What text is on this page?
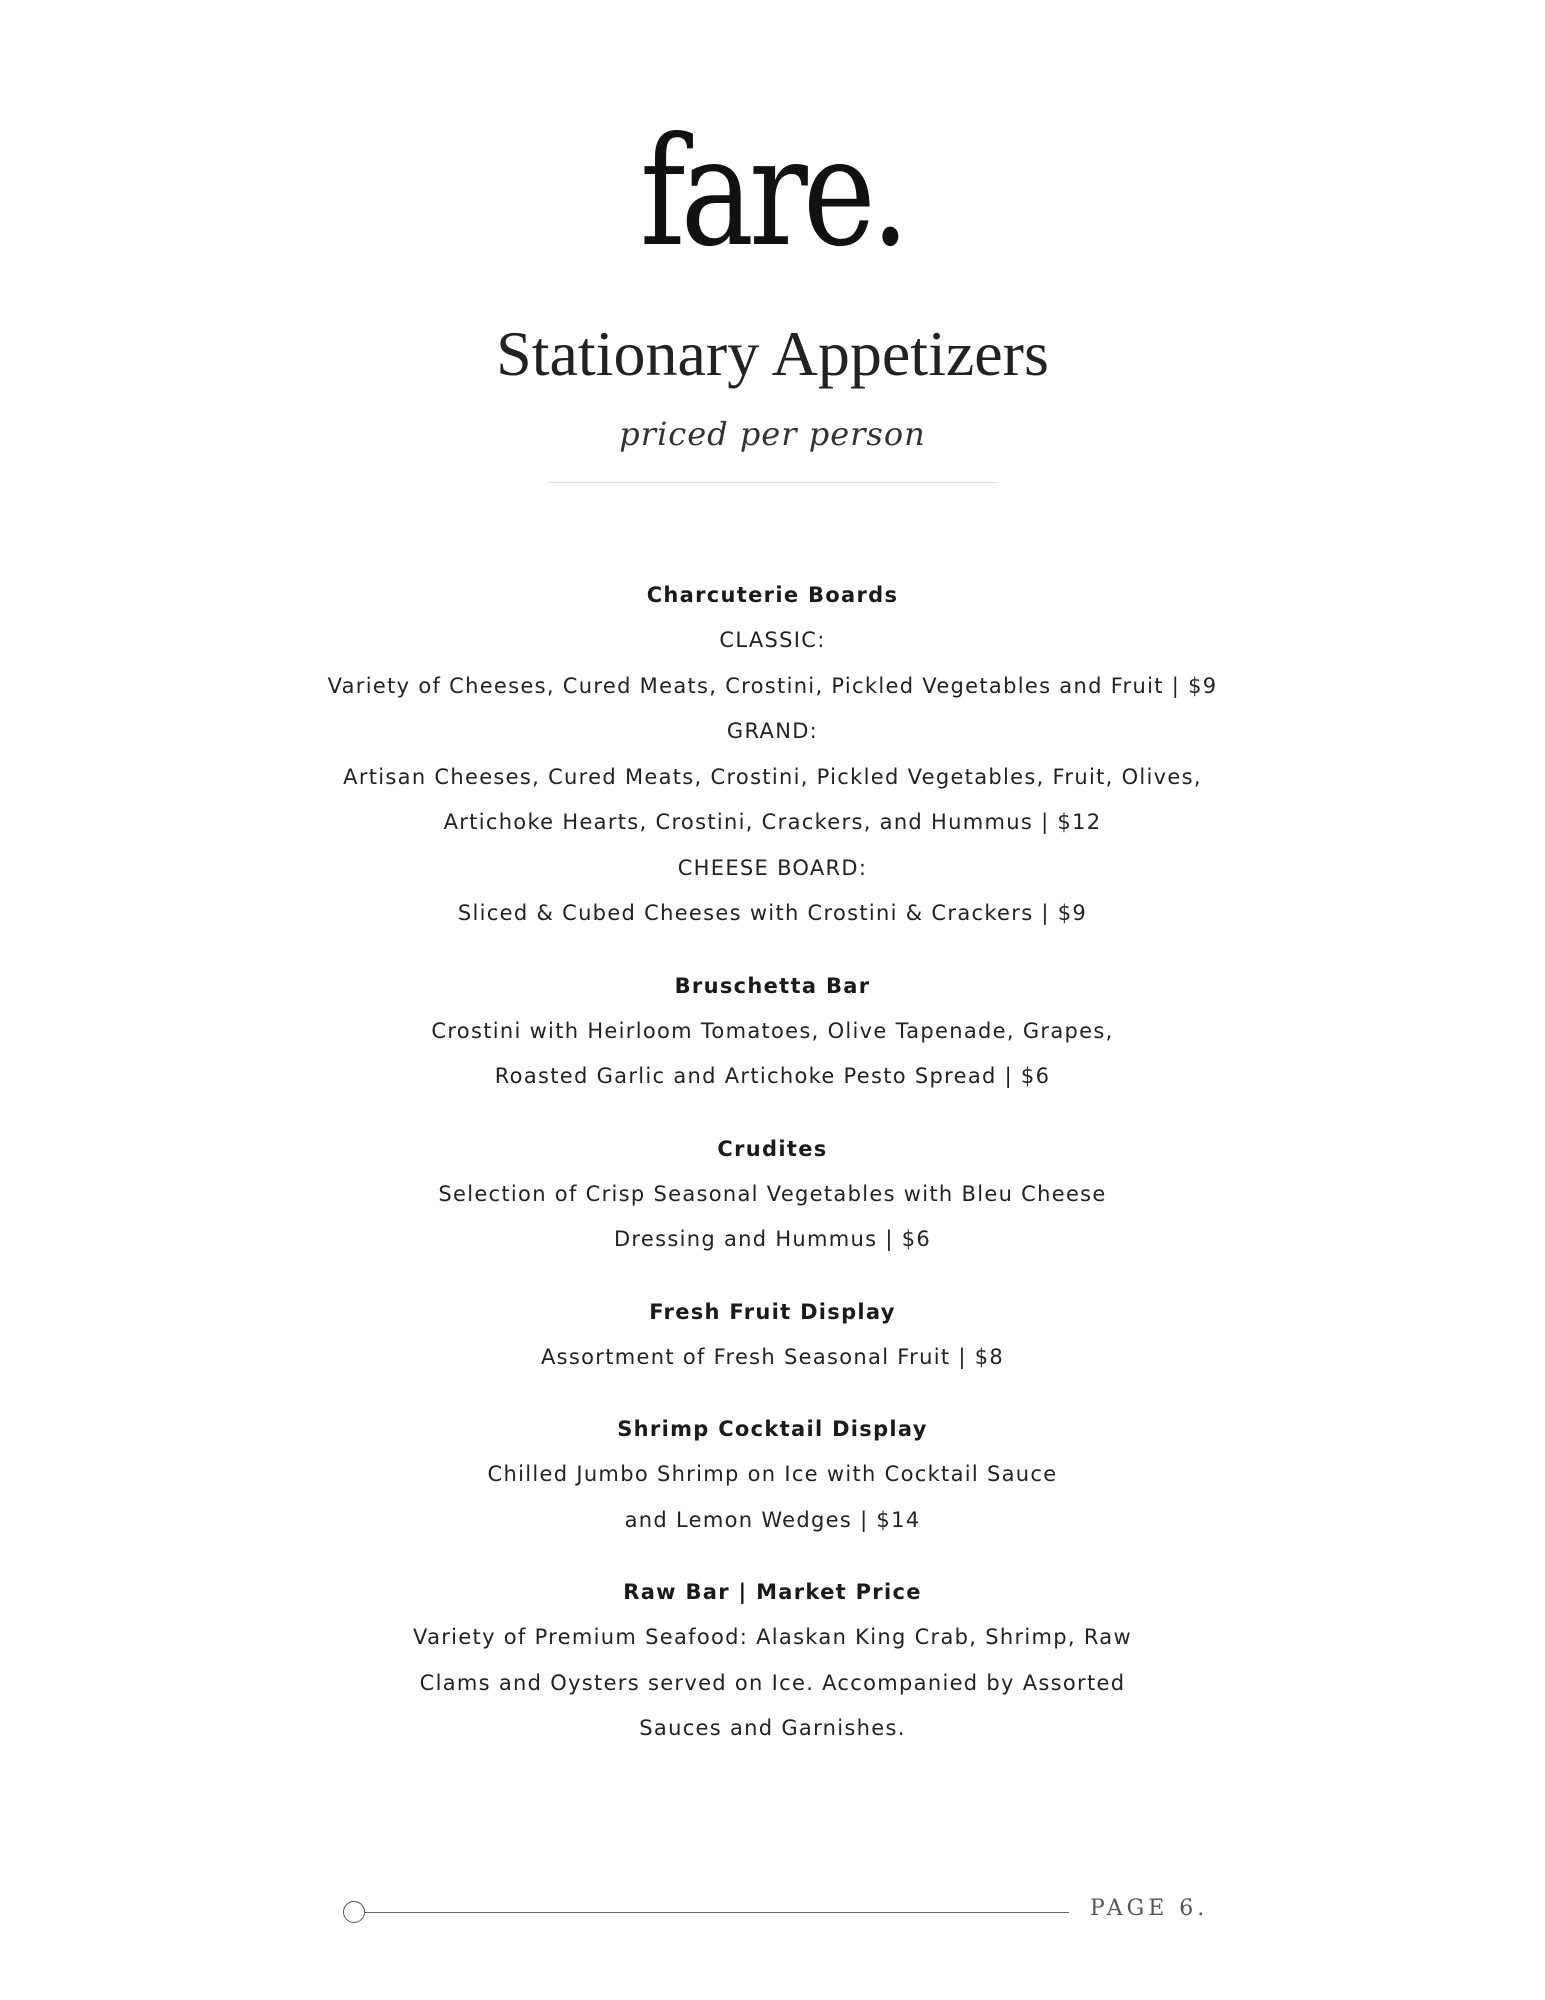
fare.
Stationary Appetizers
priced per person
Charcuterie Boards
CLASSIC:
Variety of Cheeses, Cured Meats, Crostini, Pickled Vegetables and Fruit | $9
GRAND:
Artisan Cheeses, Cured Meats, Crostini, Pickled Vegetables, Fruit, Olives,
Artichoke Hearts, Crostini, Crackers, and Hummus | $12
CHEESE BOARD:
Sliced & Cubed Cheeses with Crostini & Crackers | $9
Bruschetta Bar
Crostini with Heirloom Tomatoes, Olive Tapenade, Grapes,
Roasted Garlic and Artichoke Pesto Spread | $6
Crudites
Selection of Crisp Seasonal Vegetables with Bleu Cheese
Dressing and Hummus | $6
Fresh Fruit Display
Assortment of Fresh Seasonal Fruit | $8
Shrimp Cocktail Display
Chilled Jumbo Shrimp on Ice with Cocktail Sauce
and Lemon Wedges | $14
Raw Bar | Market Price
Variety of Premium Seafood: Alaskan King Crab, Shrimp, Raw
Clams and Oysters served on Ice. Accompanied by Assorted
Sauces and Garnishes.
PAGE 6.
